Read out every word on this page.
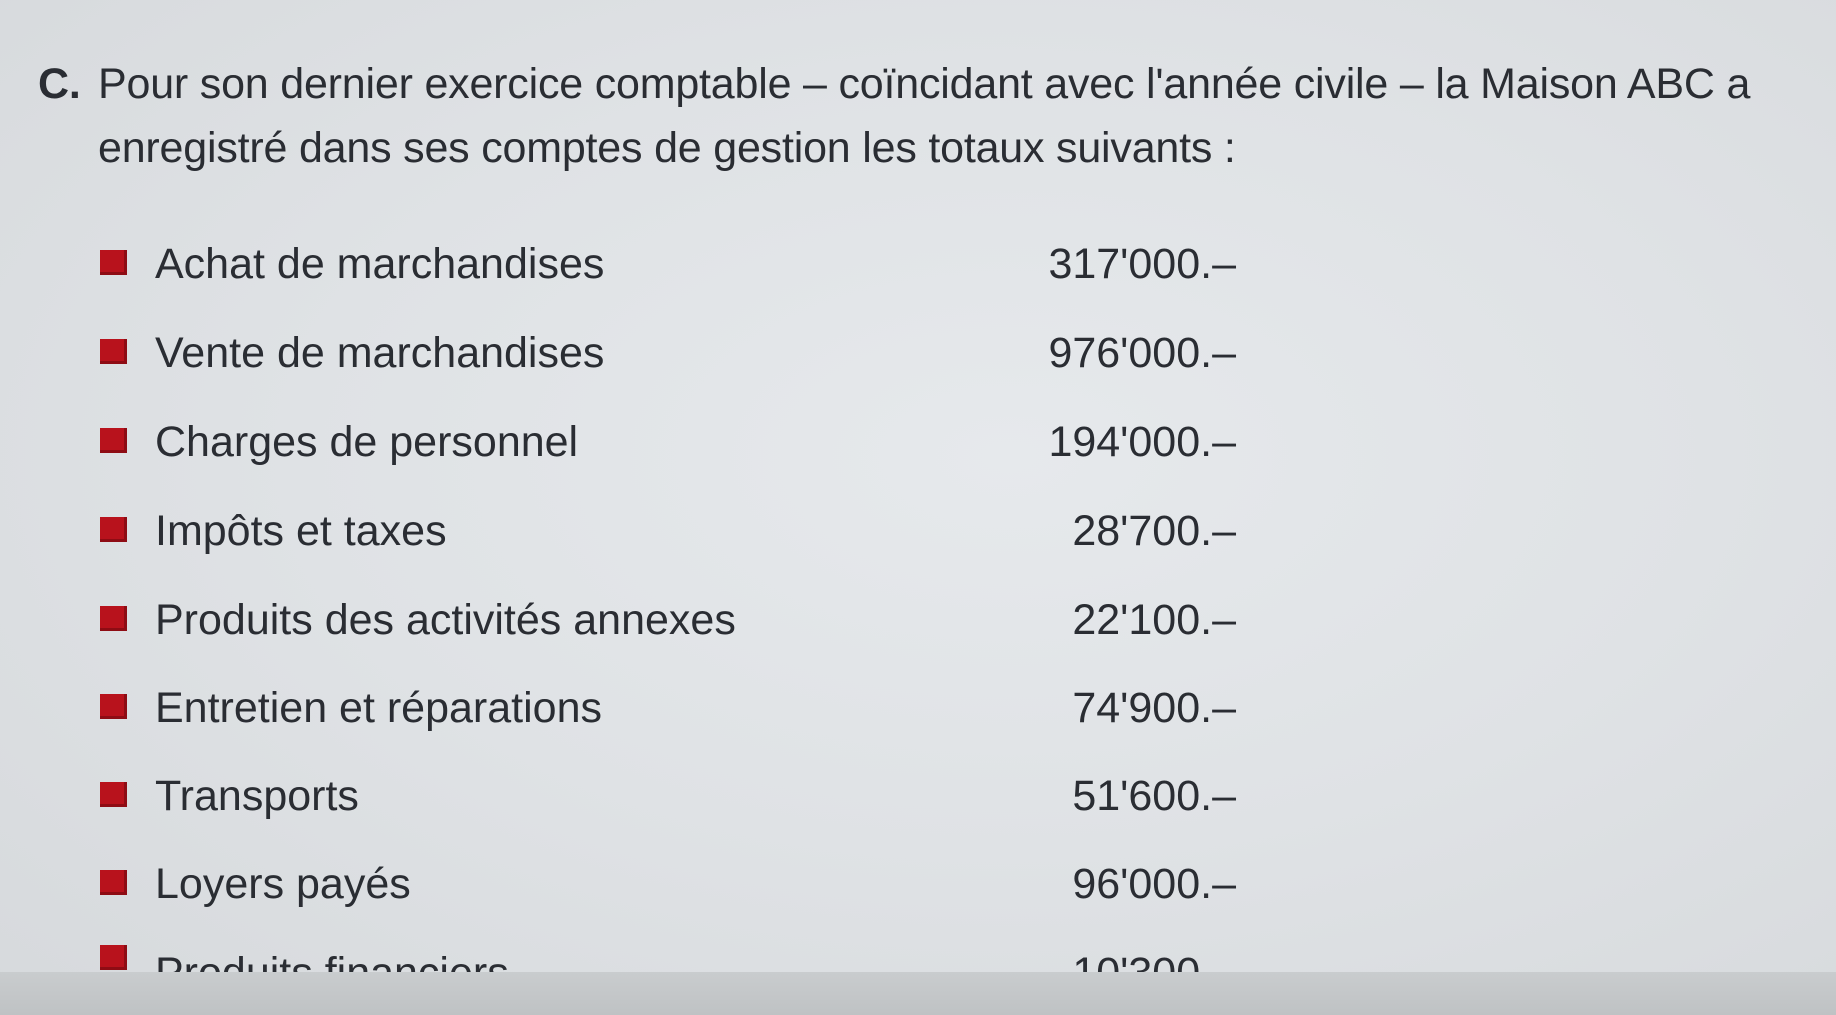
C. Pour son dernier exercice comptable – coïncidant avec l'année civile – la Maison ABC a
enregistré dans ses comptes de gestion les totaux suivants :
Achat de marchandises	317'000.–
Vente de marchandises	976'000.–
Charges de personnel	194'000.–
Impôts et taxes	28'700.–
Produits des activités annexes	22'100.–
Entretien et réparations	74'900.–
Transports	51'600.–
Loyers payés	96'000.–
